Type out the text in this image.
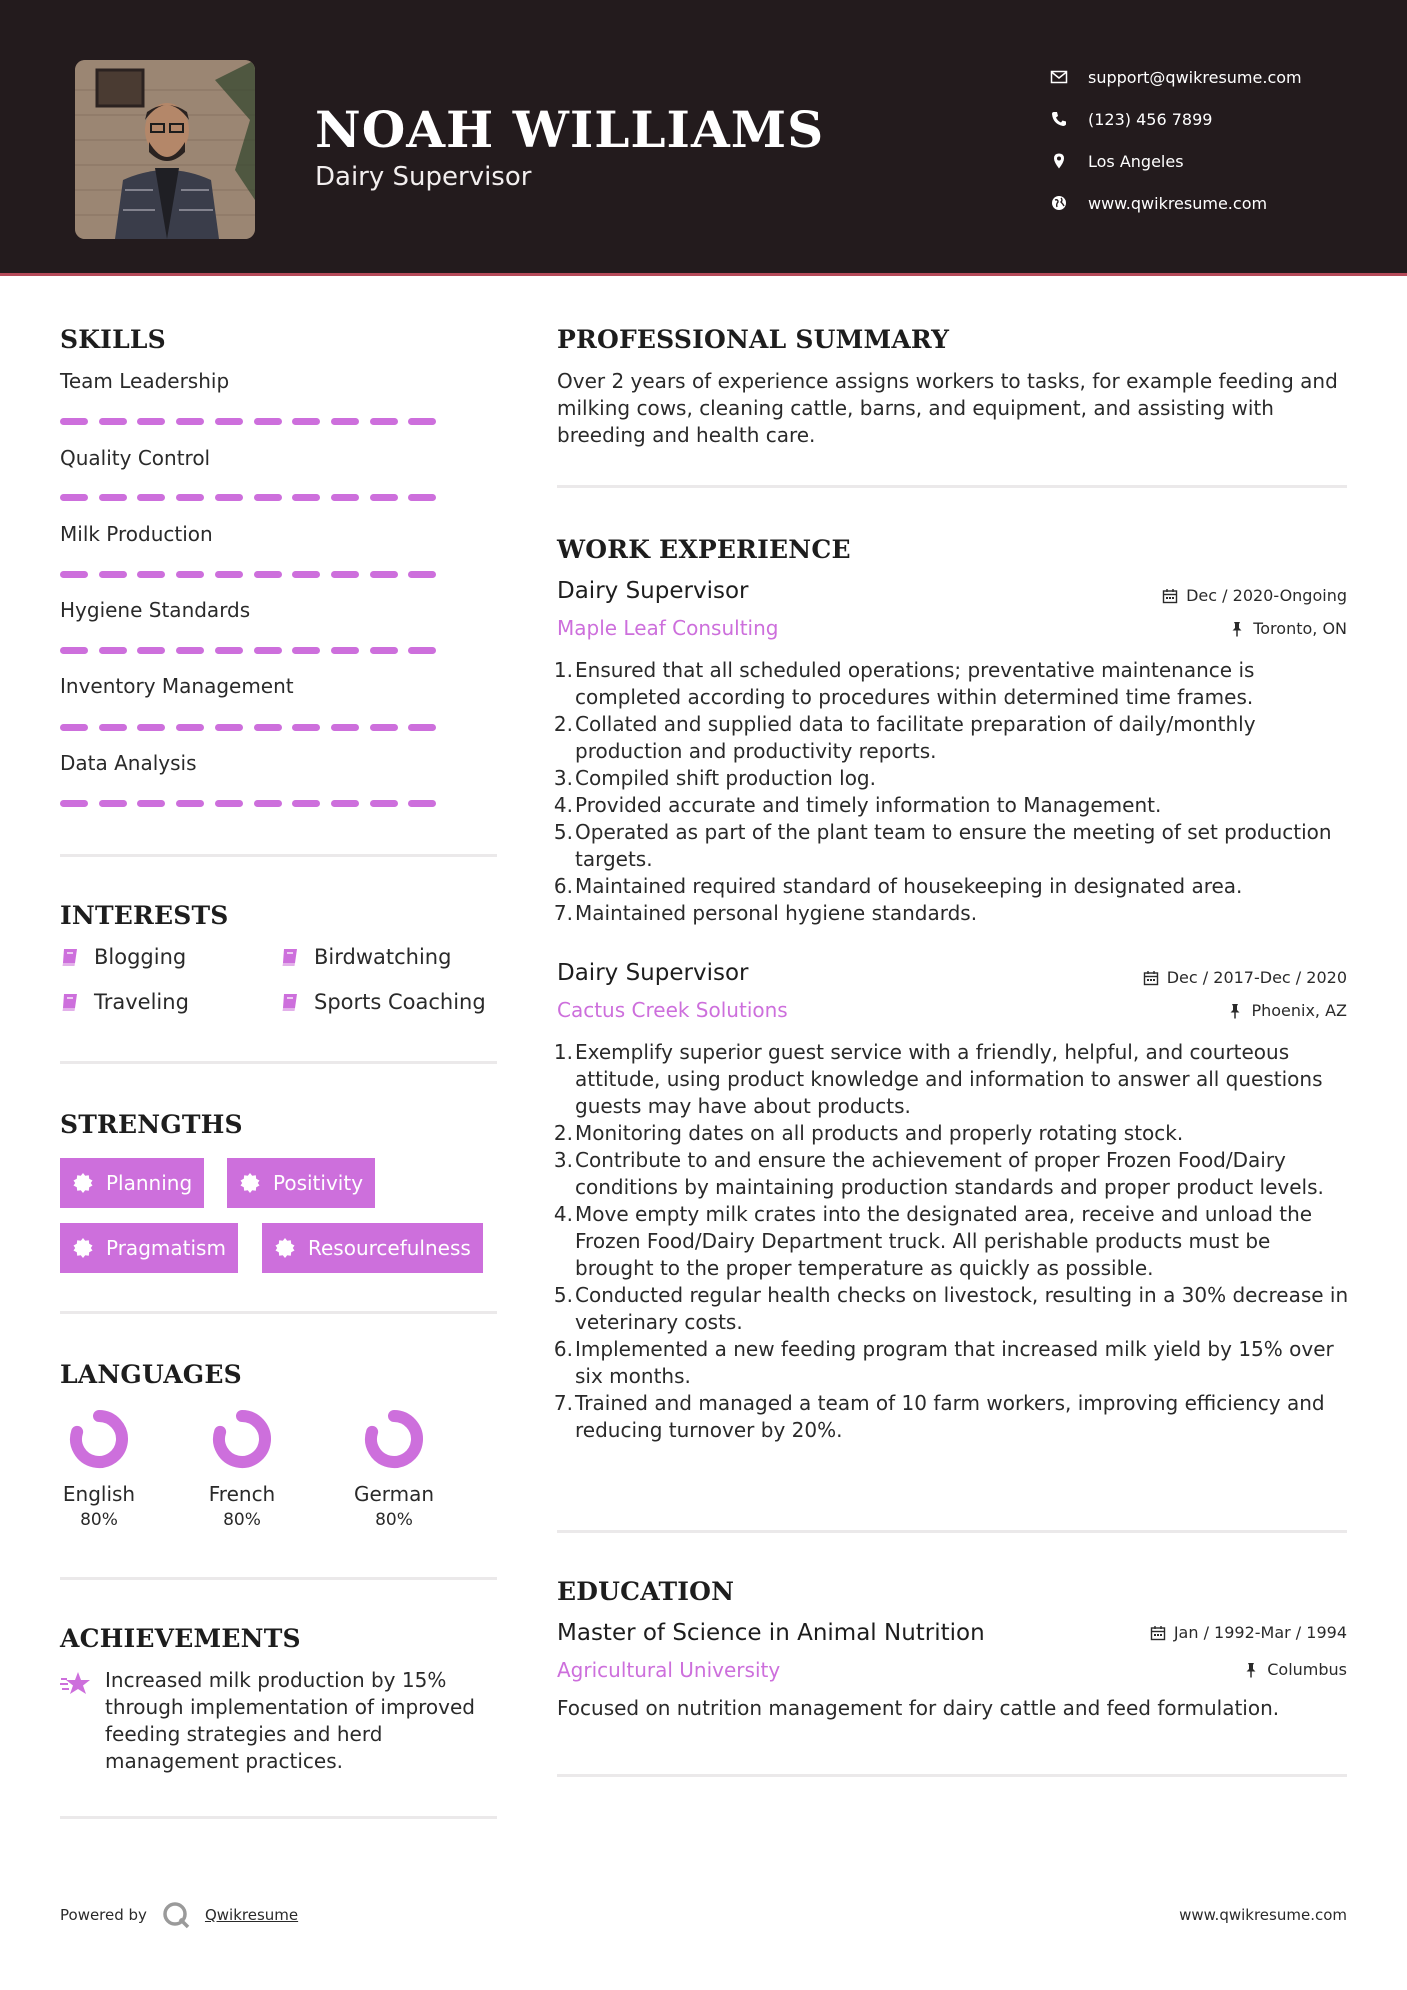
NOAH WILLIAMS
Dairy Supervisor
support@qwikresume.com
(123) 456 7899
Los Angeles
www.qwikresume.com
SKILLS
Team Leadership
Quality Control
Milk Production
Hygiene Standards
Inventory Management
Data Analysis
INTERESTS
Blogging	Birdwatching
Traveling	Sports Coaching
STRENGTHS
Planning	Positivity
Pragmatism	Resourcefulness
LANGUAGES
English
80%
French
80%
German
80%
ACHIEVEMENTS
Increased milk production by 15% through implementation of improved feeding strategies and herd management practices.
PROFESSIONAL SUMMARY
Over 2 years of experience assigns workers to tasks, for example feeding and milking cows, cleaning cattle, barns, and equipment, and assisting with breeding and health care.
WORK EXPERIENCE
Dairy Supervisor	Dec / 2020-Ongoing
Maple Leaf Consulting	Toronto, ON
1. Ensured that all scheduled operations; preventative maintenance is completed according to procedures within determined time frames.
2. Collated and supplied data to facilitate preparation of daily/monthly production and productivity reports.
3. Compiled shift production log.
4. Provided accurate and timely information to Management.
5. Operated as part of the plant team to ensure the meeting of set production targets.
6. Maintained required standard of housekeeping in designated area.
7. Maintained personal hygiene standards.
Dairy Supervisor	Dec / 2017-Dec / 2020
Cactus Creek Solutions	Phoenix, AZ
1. Exemplify superior guest service with a friendly, helpful, and courteous attitude, using product knowledge and information to answer all questions guests may have about products.
2. Monitoring dates on all products and properly rotating stock.
3. Contribute to and ensure the achievement of proper Frozen Food/Dairy conditions by maintaining production standards and proper product levels.
4. Move empty milk crates into the designated area, receive and unload the Frozen Food/Dairy Department truck. All perishable products must be brought to the proper temperature as quickly as possible.
5. Conducted regular health checks on livestock, resulting in a 30% decrease in veterinary costs.
6. Implemented a new feeding program that increased milk yield by 15% over six months.
7. Trained and managed a team of 10 farm workers, improving efficiency and reducing turnover by 20%.
EDUCATION
Master of Science in Animal Nutrition	Jan / 1992-Mar / 1994
Agricultural University	Columbus
Focused on nutrition management for dairy cattle and feed formulation.
Powered by	Qwikresume	www.qwikresume.com
